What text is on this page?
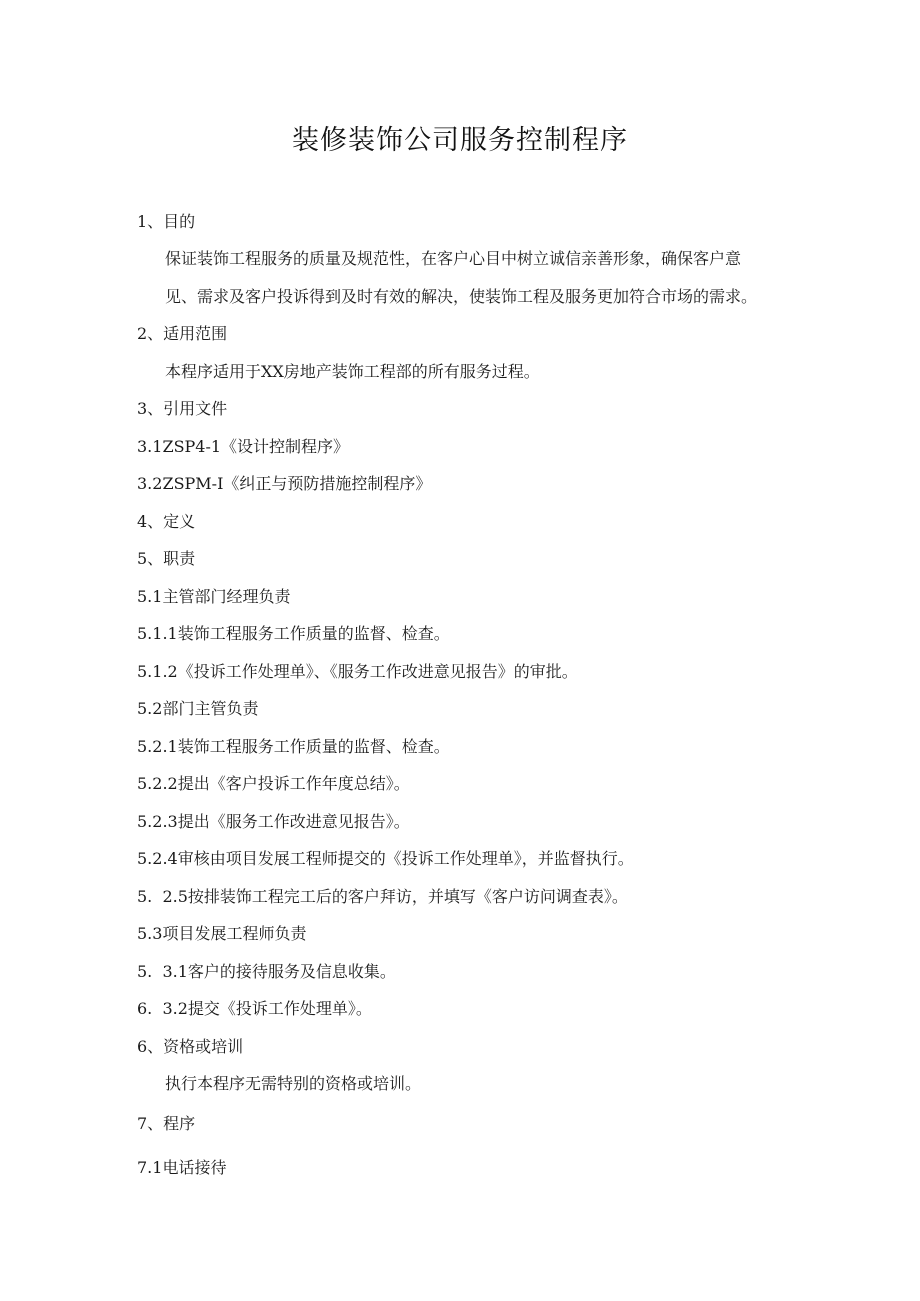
装修装饰公司服务控制程序
1、目的
保证装饰工程服务的质量及规范性，在客户心目中树立诚信亲善形象，确保客户意
见、需求及客户投诉得到及时有效的解决，使装饰工程及服务更加符合市场的需求。
2、适用范围
本程序适用于XX房地产装饰工程部的所有服务过程。
3、引用文件
3.1ZSP4-1《设计控制程序》
3.2ZSPM-I《纠正与预防措施控制程序》
4、定义
5、职责
5.1主管部门经理负责
5.1.1装饰工程服务工作质量的监督、检查。
5.1.2《投诉工作处理单》、《服务工作改进意见报告》的审批。
5.2部门主管负责
5.2.1装饰工程服务工作质量的监督、检查。
5.2.2提出《客户投诉工作年度总结》。
5.2.3提出《服务工作改进意见报告》。
5.2.4审核由项目发展工程师提交的《投诉工作处理单》，并监督执行。
5.  2.5按排装饰工程完工后的客户拜访，并填写《客户访问调查表》。
5.3项目发展工程师负责
5.  3.1客户的接待服务及信息收集。
6.  3.2提交《投诉工作处理单》。
6、资格或培训
执行本程序无需特别的资格或培训。
7、程序
7.1电话接待
